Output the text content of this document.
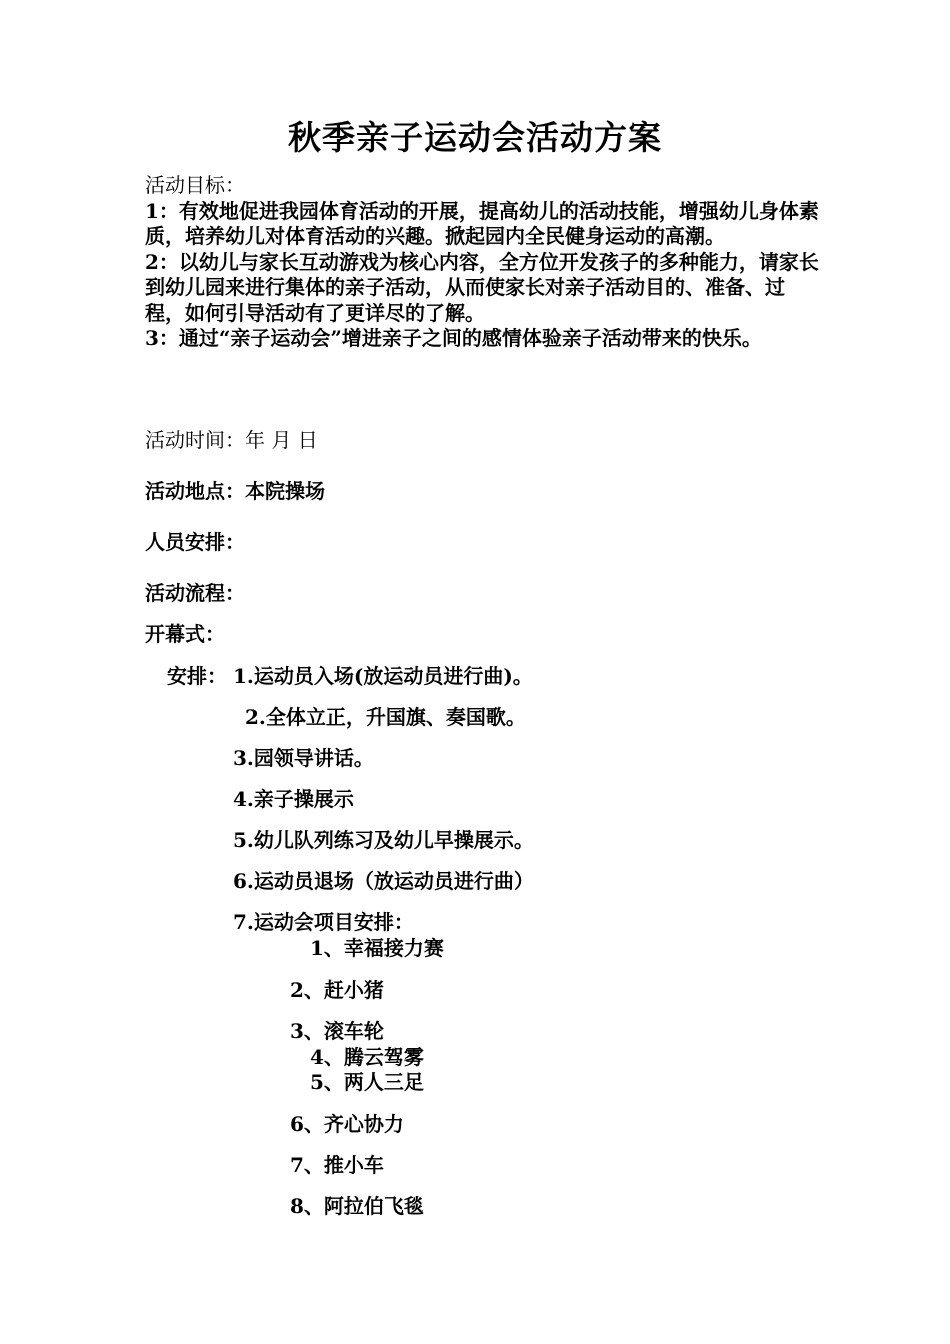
秋季亲子运动会活动方案

活动目标：

1：有效地促进我园体育活动的开展，提高幼儿的活动技能，增强幼儿身体素质，培养幼儿对体育活动的兴趣。掀起园内全民健身运动的高潮。

2：以幼儿与家长互动游戏为核心内容，全方位开发孩子的多种能力，请家长到幼儿园来进行集体的亲子活动，从而使家长对亲子活动目的、准备、过程，如何引导活动有了更详尽的了解。

3：通过“亲子运动会”增进亲子之间的感情体验亲子活动带来的快乐。

活动时间：年 月 日
活动地点：本院操场
人员安排：
活动流程：
开幕式：
安排： 1.运动员入场(放运动员进行曲)。
2.全体立正，升国旗、奏国歌。
3.园领导讲话。
4.亲子操展示
5.幼儿队列练习及幼儿早操展示。
6.运动员退场（放运动员进行曲）
7.运动会项目安排：
1、幸福接力赛
2、赶小猪
3、滚车轮
4、腾云驾雾
5、两人三足
6、齐心协力
7、推小车
8、阿拉伯飞毯
